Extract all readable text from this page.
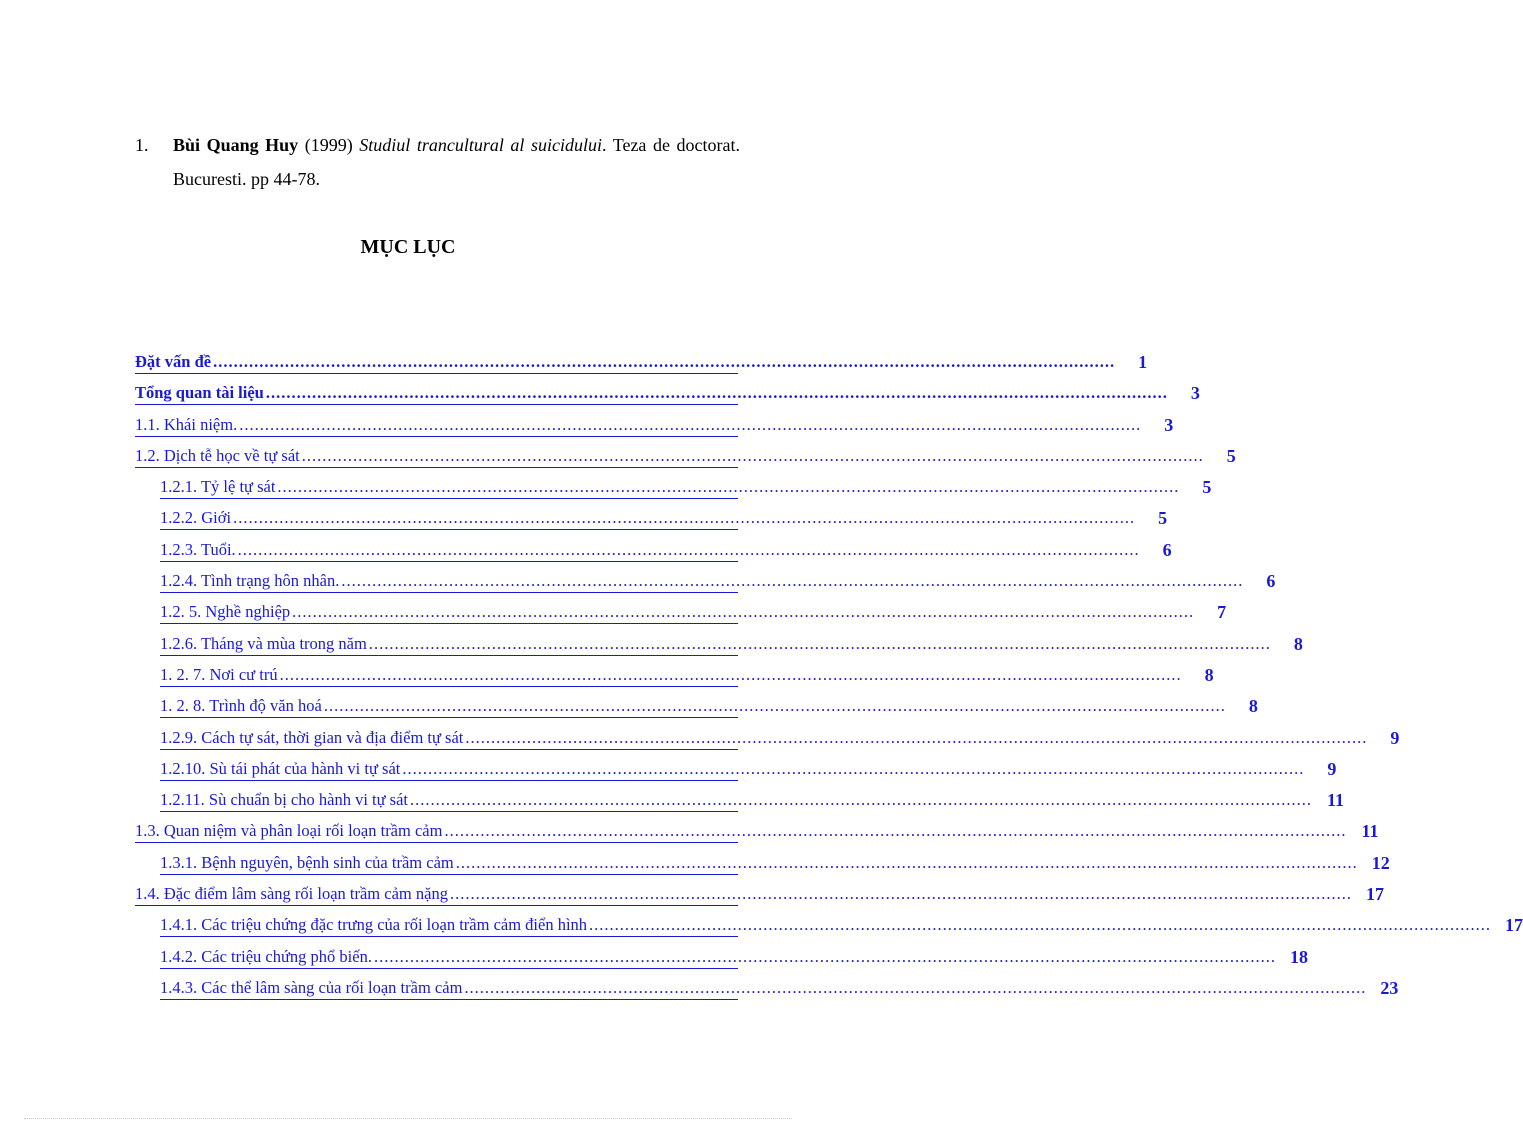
1. Bùi Quang Huy (1999) Studiul trancultural al suicidului. Teza de doctorat. Bucuresti. pp 44-78.
MỤC LỤC
Đặt vấn đề ................................................................................................................................................................................	1
Tổng quan tài liệu ................................................................................................................................................................................	3
1.1. Khái niệm. ................................................................................................................................................................................	3
1.2. Dịch tễ học về tự sát ................................................................................................................................................................................	5
1.2.1. Tỷ lệ tự sát ................................................................................................................................................................................	5
1.2.2. Giới ................................................................................................................................................................................	5
1.2.3. Tuổi. ................................................................................................................................................................................	6
1.2.4. Tình trạng hôn nhân. ................................................................................................................................................................................	6
1.2. 5. Nghề nghiệp ................................................................................................................................................................................	7
1.2.6. Tháng và mùa trong năm ................................................................................................................................................................................	8
1. 2. 7. Nơi cư trú ................................................................................................................................................................................	8
1. 2. 8. Trình độ văn hoá ................................................................................................................................................................................	8
1.2.9. Cách tự sát, thời gian và địa điểm tự sát ................................................................................................................................................................................	9
1.2.10. Sù tái phát của hành vi tự sát ................................................................................................................................................................................	9
1.2.11. Sù chuẩn bị cho hành vi tự sát ................................................................................................................................................................................ 11
1.3. Quan niệm và phân loại rối loạn trầm cảm ................................................................................................................................................................................ 11
1.3.1. Bệnh nguyên, bệnh sinh của trầm cảm ................................................................................................................................................................................ 12
1.4. Đặc điểm lâm sàng rối loạn trầm cảm nặng ................................................................................................................................................................................ 17
1.4.1. Các triệu chứng đặc trưng của rối loạn trầm cảm điển hình ................................................................................................................................................................................ 17
1.4.2. Các triệu chứng phổ biến. ................................................................................................................................................................................ 18
1.4.3. Các thể lâm sàng của rối loạn trầm cảm ................................................................................................................................................................................ 23
